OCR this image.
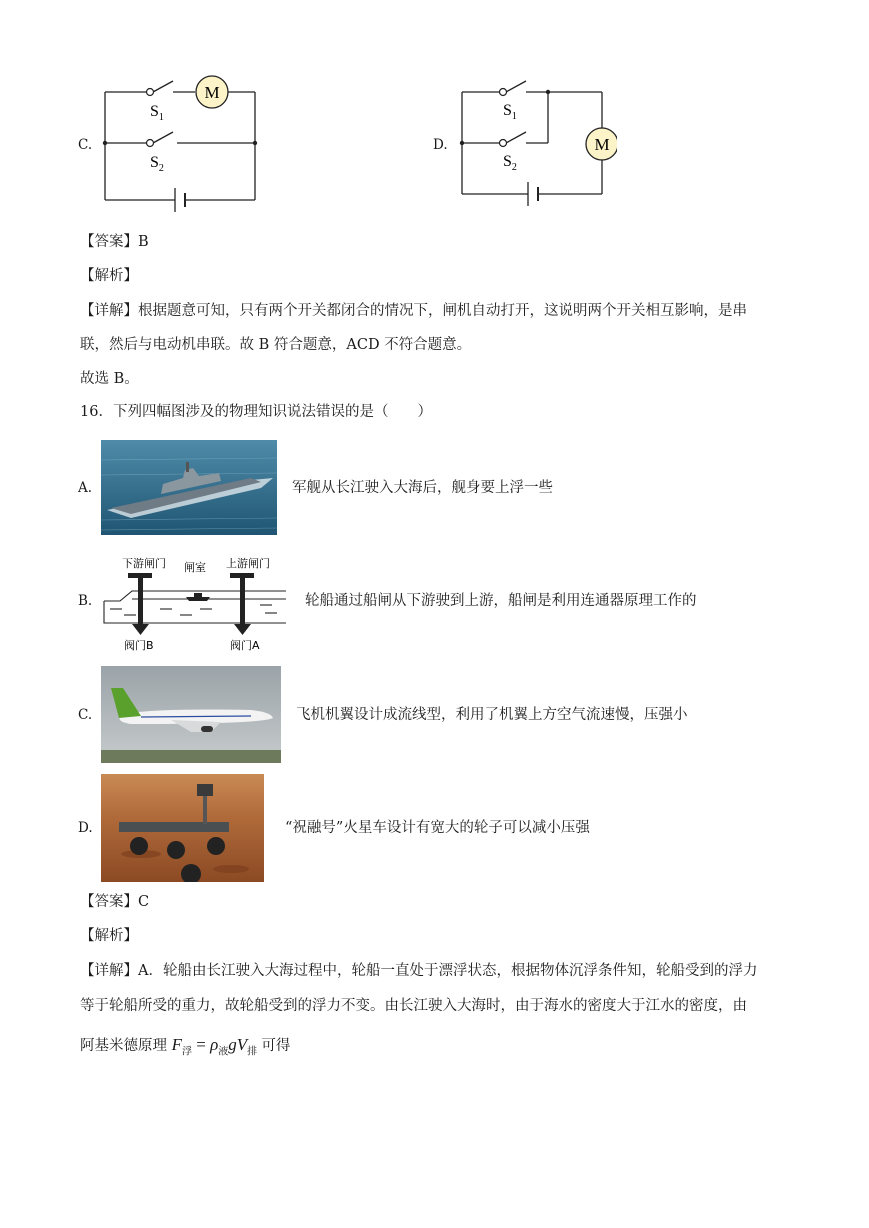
C.
M
$S_1$
$S_2$
D.	M
$S_1$
$S_2$
【答案】B
【解析】
【详解】根据题意可知，只有两个开关都闭合的情况下，闸机自动打开，这说明两个开关相互影响，是串
联，然后与电动机串联。故 B 符合题意，ACD 不符合题意。
故选 B。
16．下列四幅图涉及的物理知识说法错误的是（　　）
A.	军舰从长江驶入大海后，舰身要上浮一些
B.
下游闸门 闸室 上游闸门
阀门B	阀门A
轮船通过船闸从下游驶到上游，船闸是利用连通器原理工作的
C.	飞机机翼设计成流线型，利用了机翼上方空气流速慢，压强小
D.	“祝融号”火星车设计有宽大的轮子可以减小压强
【答案】C
【解析】
【详解】A．轮船由长江驶入大海过程中，轮船一直处于漂浮状态，根据物体沉浮条件知，轮船受到的浮力
等于轮船所受的重力，故轮船受到的浮力不变。由长江驶入大海时，由于海水的密度大于江水的密度，由
阿基米德原理 $F_浮 = \rho_液gV_排$ 可得
